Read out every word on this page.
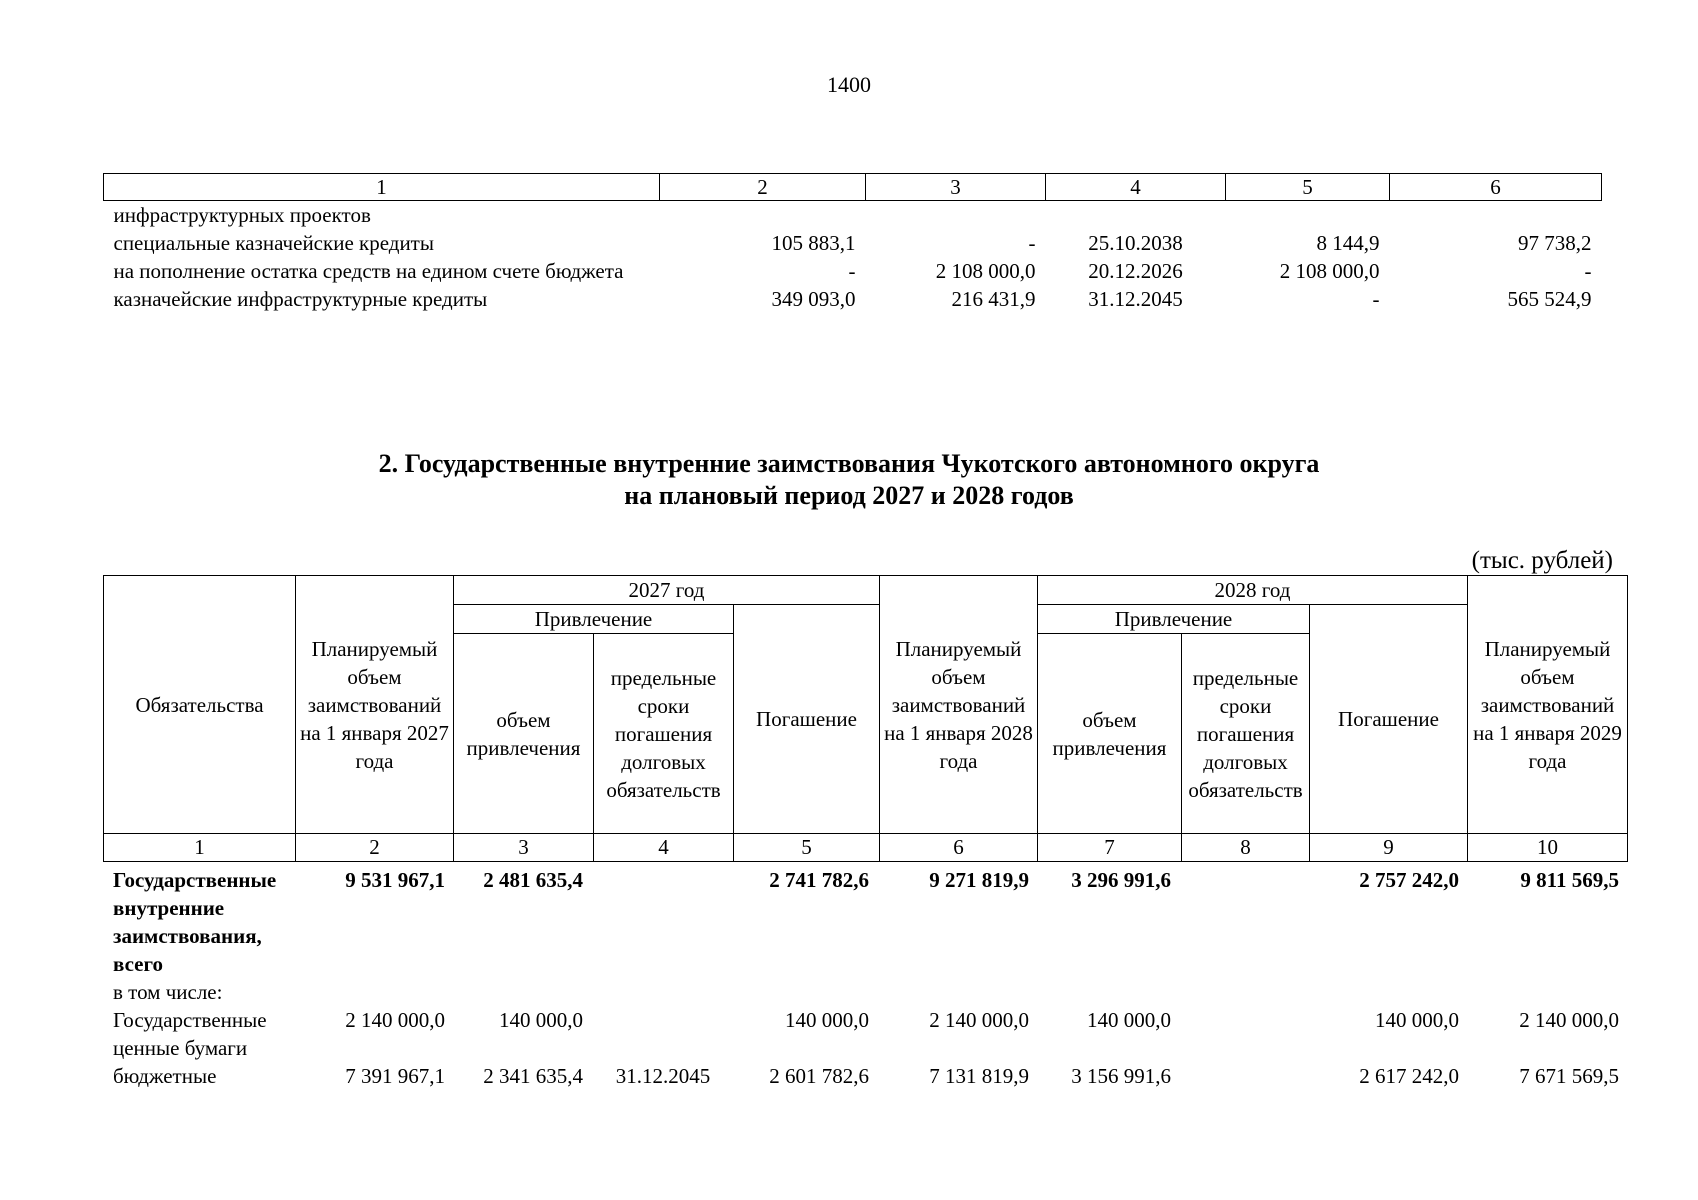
1400
1	2	3	4	5	6
инфраструктурных проектов					
специальные казначейские кредиты	105 883,1	-	25.10.2038	8 144,9	97 738,2
на пополнение остатка средств на едином счете бюджета	-	2 108 000,0	20.12.2026	2 108 000,0	-
казначейские инфраструктурные кредиты	349 093,0	216 431,9	31.12.2045	-	565 524,9
2. Государственные внутренние заимствования Чукотского автономного округа
на плановый период 2027 и 2028 годов
(тыс. рублей)
Обязательства	Планируемый объем заимствований на 1 января 2027 года	2027 год			Планируемый объем заимствований на 1 января 2028 года	2028 год			Планируемый объем заимствований на 1 января 2029 года
		Привлечение		Погашение		Привлечение		Погашение	
		объем привлечения	предельные сроки погашения долговых обязательств			объем привлечения	предельные сроки погашения долговых обязательств		
1	2	3	4	5	6	7	8	9	10
Государственные внутренние заимствования, всего	9 531 967,1	2 481 635,4		2 741 782,6	9 271 819,9	3 296 991,6		2 757 242,0	9 811 569,5
в том числе:									
Государственные ценные бумаги	2 140 000,0	140 000,0		140 000,0	2 140 000,0	140 000,0		140 000,0	2 140 000,0
бюджетные	7 391 967,1	2 341 635,4	31.12.2045	2 601 782,6	7 131 819,9	3 156 991,6		2 617 242,0	7 671 569,5
